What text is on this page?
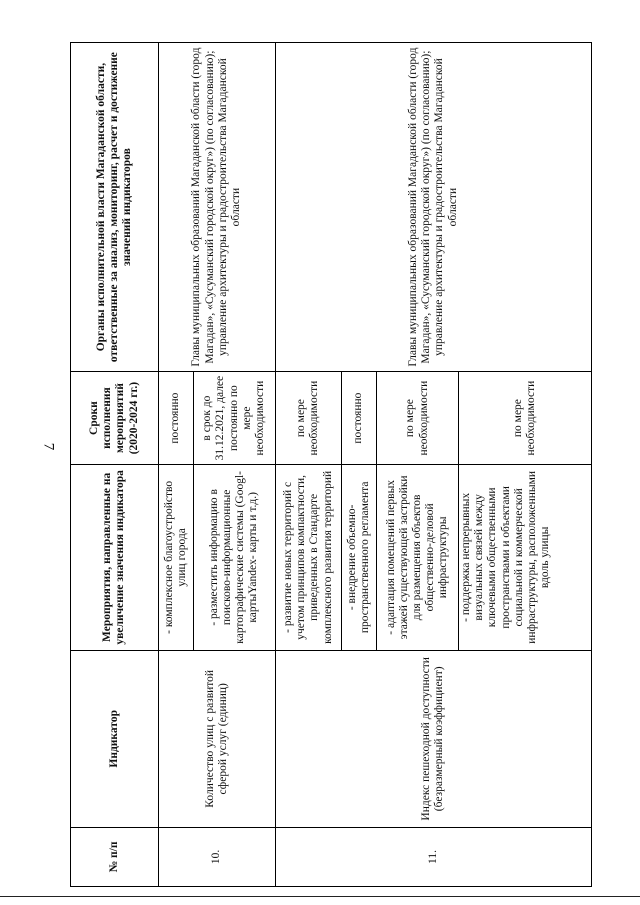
7
№ п/п	Индикатор	Мероприятия, направленные на увеличение значения индикатора	Сроки исполнения мероприятий (2020-2024 гг.)	Органы исполнительной власти Магаданской области, ответственные за анализ, мониторинг, расчет и достижение значений индикаторов
10.	Количество улиц с развитой сферой услуг (единиц)	- комплексное благоустройство улиц города	постоянно	Главы муниципальных образований Магаданской области (город Магадан», «Сусуманский городской округ») (по согласованию); управление архитектуры и градостроительства Магаданской области
		- разместить информацию в поисково-информационные картографические системы (Googl-картыYandex- карты и т.д.)	в срок до 31.12.2021, далее постоянно по мере необходимости	
11.	Индекс пешеходной доступности (безразмерный коэффициент)	- развитие новых территорий с учетом принципов компактности, приведенных в Стандарте комплексного развития территорий	по мере необходимости	Главы муниципальных образований Магаданской области (город Магадан», «Сусуманский городской округ») (по согласованию); управление архитектуры и градостроительства Магаданской области
		- внедрение объемно-пространственного регламента	постоянно	
		- адаптация помещений первых этажей существующей застройки для размещения объектов общественно-деловой инфраструктуры	по мере необходимости	
		- поддержка непрерывных визуальных связей между ключевыми общественными пространствами и объектами социальной и коммерческой инфраструктуры, расположенными вдоль улицы	по мере необходимости	
